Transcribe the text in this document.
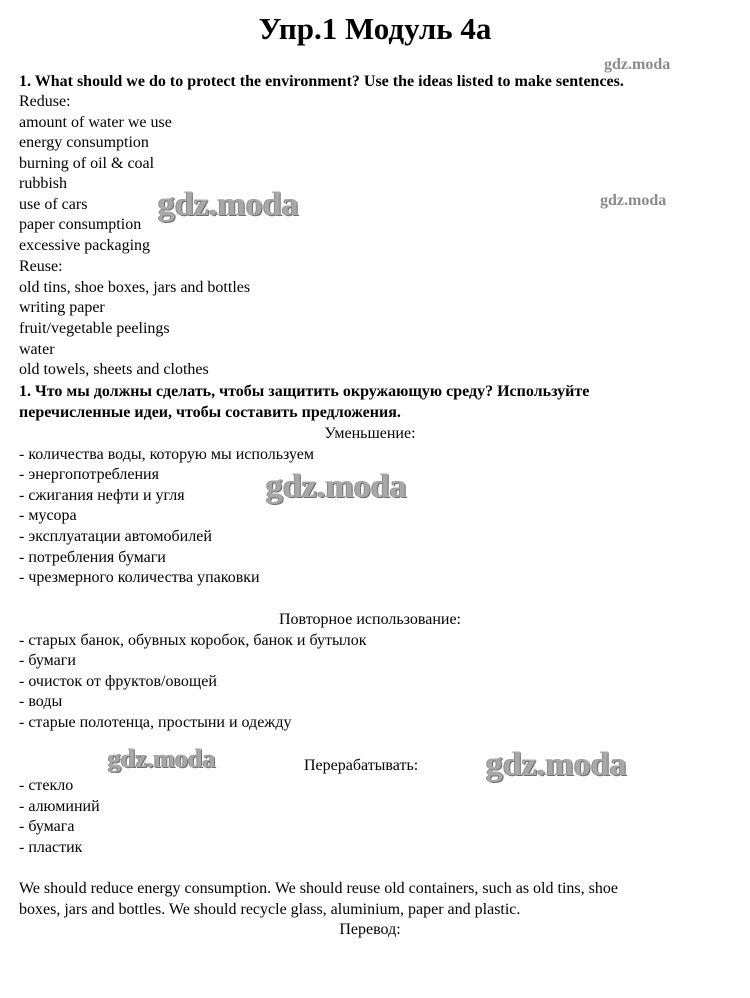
Упр.1 Модуль 4а
gdz.moda
gdz.moda	gdz.moda
gdz.moda
gdz.moda	gdz.moda
1. What should we do to protect the environment? Use the ideas listed to make sentences.
Reduse:
amount of water we use
energy consumption
burning of oil & coal
rubbish
use of cars
paper consumption
excessive packaging
Reuse:
old tins, shoe boxes, jars and bottles
writing paper
fruit/vegetable peelings
water
old towels, sheets and clothes
1. Что мы должны сделать, чтобы защитить окружающую среду? Используйте
перечисленные идеи, чтобы составить предложения.
Уменьшение:
- количества воды, которую мы используем
- энергопотребления
- сжигания нефти и угля
- мусора
- эксплуатации автомобилей
- потребления бумаги
- чрезмерного количества упаковки
Повторное использование:
- старых банок, обувных коробок, банок и бутылок
- бумаги
- очисток от фруктов/овощей
- воды
- старые полотенца, простыни и одежду
Перерабатывать:
- стекло
- алюминий
- бумага
- пластик
We should reduce energy consumption. We should reuse old containers, such as old tins, shoe
boxes, jars and bottles. We should recycle glass, aluminium, paper and plastic.
Перевод:
